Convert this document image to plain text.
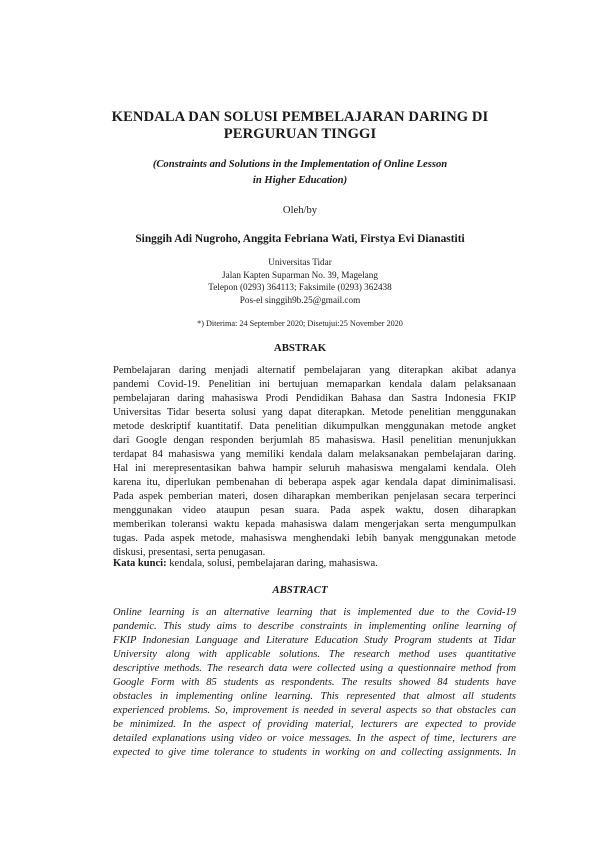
KENDALA DAN SOLUSI PEMBELAJARAN DARING DI
PERGURUAN TINGGI
(Constraints and Solutions in the Implementation of Online Lesson
in Higher Education)
Oleh/by
Singgih Adi Nugroho, Anggita Febriana Wati, Firstya Evi Dianastiti
Universitas Tidar
Jalan Kapten Suparman No. 39, Magelang
Telepon (0293) 364113; Faksimile (0293) 362438
Pos-el singgih9b.25@gmail.com
*) Diterima: 24 September 2020; Disetujui:25 November 2020
ABSTRAK
Pembelajaran daring menjadi alternatif pembelajaran yang diterapkan akibat adanya
pandemi Covid-19. Penelitian ini bertujuan memaparkan kendala dalam pelaksanaan
pembelajaran daring mahasiswa Prodi Pendidikan Bahasa dan Sastra Indonesia FKIP
Universitas Tidar beserta solusi yang dapat diterapkan. Metode penelitian menggunakan
metode deskriptif kuantitatif. Data penelitian dikumpulkan menggunakan metode angket
dari Google dengan responden berjumlah 85 mahasiswa. Hasil penelitian menunjukkan
terdapat 84 mahasiswa yang memiliki kendala dalam melaksanakan pembelajaran daring.
Hal ini merepresentasikan bahwa hampir seluruh mahasiswa mengalami kendala. Oleh
karena itu, diperlukan pembenahan di beberapa aspek agar kendala dapat diminimalisasi.
Pada aspek pemberian materi, dosen diharapkan memberikan penjelasan secara terperinci
menggunakan video ataupun pesan suara. Pada aspek waktu, dosen diharapkan
memberikan toleransi waktu kepada mahasiswa dalam mengerjakan serta mengumpulkan
tugas. Pada aspek metode, mahasiswa menghendaki lebih banyak menggunakan metode
diskusi, presentasi, serta penugasan.
Kata kunci: kendala, solusi, pembelajaran daring, mahasiswa.
ABSTRACT
Online learning is an alternative learning that is implemented due to the Covid-19
pandemic. This study aims to describe constraints in implementing online learning of
FKIP Indonesian Language and Literature Education Study Program students at Tidar
University along with applicable solutions. The research method uses quantitative
descriptive methods. The research data were collected using a questionnaire method from
Google Form with 85 students as respondents. The results showed 84 students have
obstacles in implementing online learning. This represented that almost all students
experienced problems. So, improvement is needed in several aspects so that obstacles can
be minimized. In the aspect of providing material, lecturers are expected to provide
detailed explanations using video or voice messages. In the aspect of time, lecturers are
expected to give time tolerance to students in working on and collecting assignments. In
